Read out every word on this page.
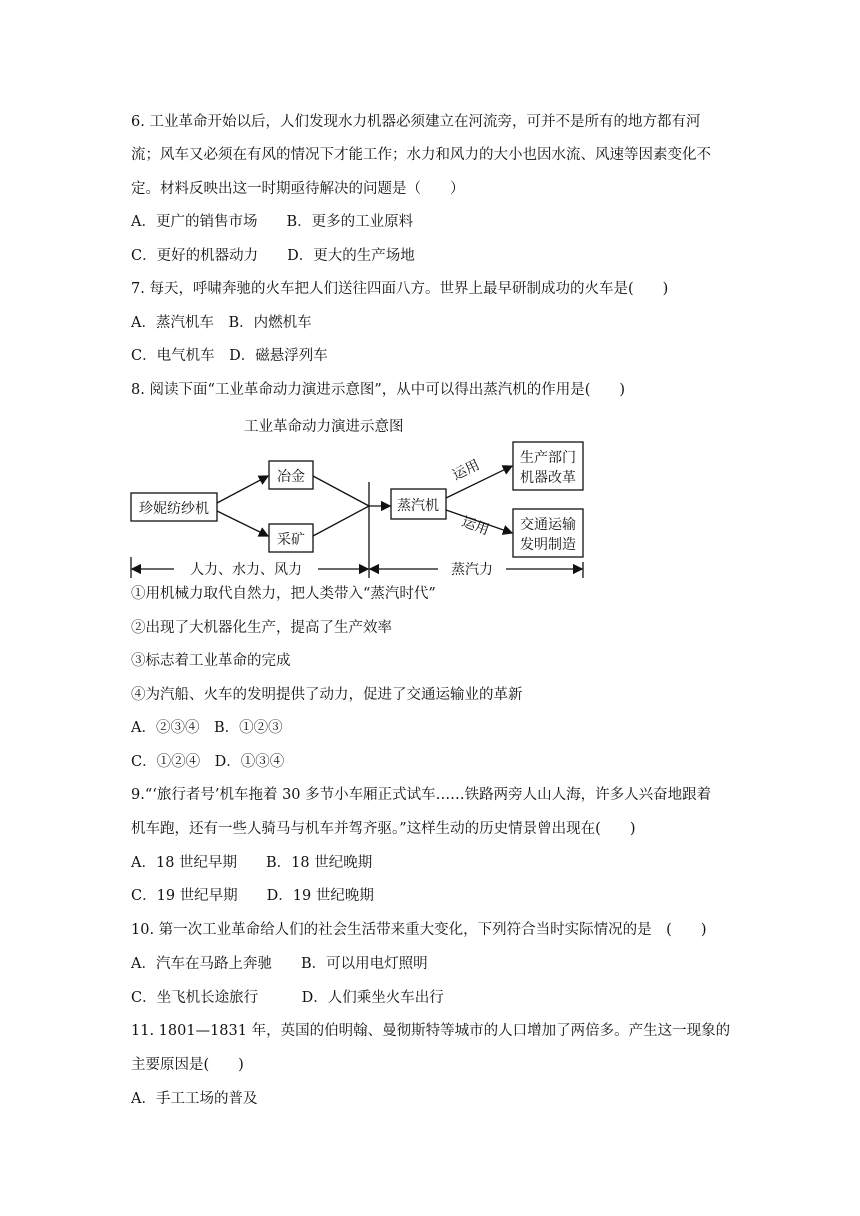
6. 工业革命开始以后，人们发现水力机器必须建立在河流旁，可并不是所有的地方都有河
流；风车又必须在有风的情况下才能工作；水力和风力的大小也因水流、风速等因素变化不
定。材料反映出这一时期亟待解决的问题是（　　）
A．更广的销售市场　　B．更多的工业原料
C．更好的机器动力　　D．更大的生产场地
7. 每天，呼啸奔驰的火车把人们送往四面八方。世界上最早研制成功的火车是(　　)
A．蒸汽机车　B．内燃机车
C．电气机车　D．磁悬浮列车
8. 阅读下面“工业革命动力演进示意图”，从中可以得出蒸汽机的作用是(　　)
工业革命动力演进示意图
珍妮纺纱机
冶金
采矿
蒸汽机
运用
运用
生产部门
机器改革
交通运输
发明制造
人力、水力、风力	蒸汽力
①用机械力取代自然力，把人类带入“蒸汽时代”
②出现了大机器化生产，提高了生产效率
③标志着工业革命的完成
④为汽船、火车的发明提供了动力，促进了交通运输业的革新
A．②③④　B．①②③
C．①②④　D．①③④
9.“‘旅行者号’机车拖着 30 多节小车厢正式试车……铁路两旁人山人海，许多人兴奋地跟着
机车跑，还有一些人骑马与机车并驾齐驱。”这样生动的历史情景曾出现在(　　)
A．18 世纪早期　　B．18 世纪晚期
C．19 世纪早期　　D．19 世纪晚期
10. 第一次工业革命给人们的社会生活带来重大变化，下列符合当时实际情况的是　(　　)
A．汽车在马路上奔驰　　B．可以用电灯照明
C．坐飞机长途旅行　　　D．人们乘坐火车出行
11. 1801—1831 年，英国的伯明翰、曼彻斯特等城市的人口增加了两倍多。产生这一现象的
主要原因是(　　)
A．手工工场的普及
